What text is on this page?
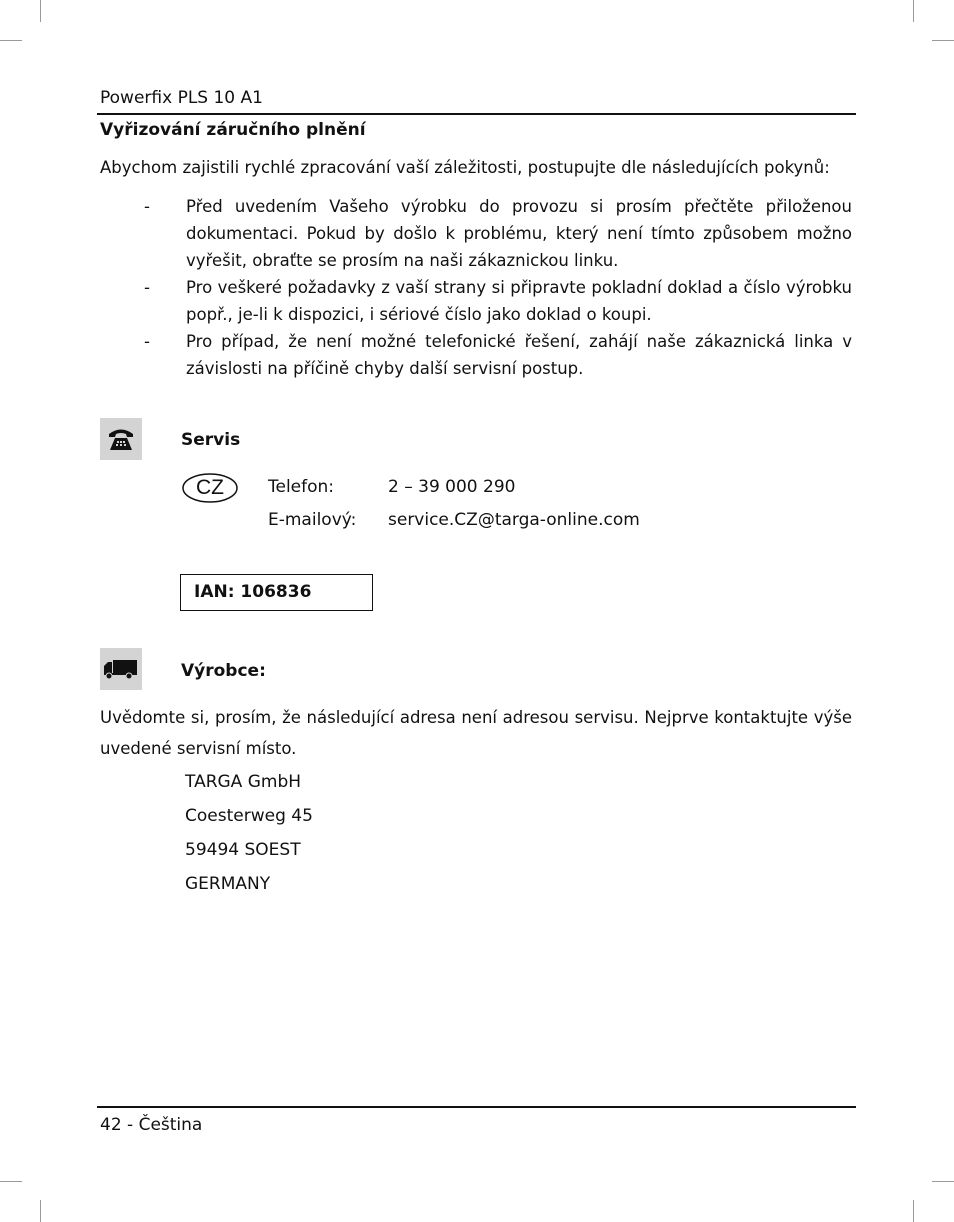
Powerfix PLS 10 A1
Vyřizování záručního plnění
Abychom zajistili rychlé zpracování vaší záležitosti, postupujte dle následujících pokynů:
- Před uvedením Vašeho výrobku do provozu si prosím přečtěte přiloženou dokumentaci. Pokud by došlo k problému, který není tímto způsobem možno vyřešit, obraťte se prosím na naši zákaznickou linku.
- Pro veškeré požadavky z vaší strany si připravte pokladní doklad a číslo výrobku popř., je-li k dispozici, i sériové číslo jako doklad o koupi.
- Pro případ, že není možné telefonické řešení, zahájí naše zákaznická linka v závislosti na příčině chyby další servisní postup.
Servis
CZ	Telefon:	2 – 39 000 290
E-mailový: service.CZ@targa-online.com
IAN: 106836
Výrobce:
Uvědomte si, prosím, že následující adresa není adresou servisu. Nejprve kontaktujte výše uvedené servisní místo.
TARGA GmbH
Coesterweg 45
59494 SOEST
GERMANY
42 - Čeština
